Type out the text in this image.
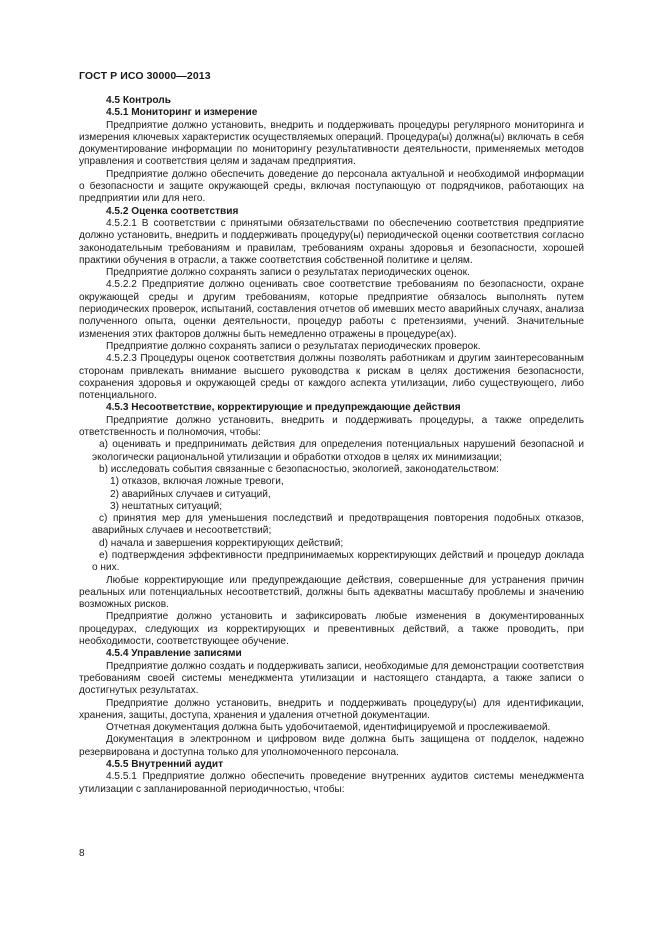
ГОСТ Р ИСО 30000—2013

4.5 Контроль

4.5.1 Мониторинг и измерение

Предприятие должно установить, внедрить и поддерживать процедуры регулярного мониторинга и измерения ключевых характеристик осуществляемых операций. Процедура(ы) должна(ы) включать в себя документирование информации по мониторингу результативности деятельности, применяемых методов управления и соответствия целям и задачам предприятия.

Предприятие должно обеспечить доведение до персонала актуальной и необходимой информации о безопасности и защите окружающей среды, включая поступающую от подрядчиков, работающих на предприятии или для него.

4.5.2 Оценка соответствия

4.5.2.1 В соответствии с принятыми обязательствами по обеспечению соответствия предприятие должно установить, внедрить и поддерживать процедуру(ы) периодической оценки соответствия согласно законодательным требованиям и правилам, требованиям охраны здоровья и безопасности, хорошей практики обучения в отрасли, а также соответствия собственной политике и целям.

Предприятие должно сохранять записи о результатах периодических оценок.

4.5.2.2 Предприятие должно оценивать свое соответствие требованиям по безопасности, охране окружающей среды и другим требованиям, которые предприятие обязалось выполнять путем периодических проверок, испытаний, составления отчетов об имевших место аварийных случаях, анализа полученного опыта, оценки деятельности, процедур работы с претензиями, учений. Значительные изменения этих факторов должны быть немедленно отражены в процедуре(ах).

Предприятие должно сохранять записи о результатах периодических проверок.

4.5.2.3 Процедуры оценок соответствия должны позволять работникам и другим заинтересованным сторонам привлекать внимание высшего руководства к рискам в целях достижения безопасности, сохранения здоровья и окружающей среды от каждого аспекта утилизации, либо существующего, либо потенциального.

4.5.3 Несоответствие, корректирующие и предупреждающие действия

Предприятие должно установить, внедрить и поддерживать процедуры, а также определить ответственность и полномочия, чтобы:

a) оценивать и предпринимать действия для определения потенциальных нарушений безопасной и экологически рациональной утилизации и обработки отходов в целях их минимизации;

b) исследовать события связанные с безопасностью, экологией, законодательством:

1) отказов, включая ложные тревоги,

2) аварийных случаев и ситуаций,

3) нештатных ситуаций;

c) принятия мер для уменьшения последствий и предотвращения повторения подобных отказов, аварийных случаев и несоответствий;

d) начала и завершения корректирующих действий;

e) подтверждения эффективности предпринимаемых корректирующих действий и процедур доклада о них.

Любые корректирующие или предупреждающие действия, совершенные для устранения причин реальных или потенциальных несоответствий, должны быть адекватны масштабу проблемы и значению возможных рисков.

Предприятие должно установить и зафиксировать любые изменения в документированных процедурах, следующих из корректирующих и превентивных действий, а также проводить, при необходимости, соответствующее обучение.

4.5.4 Управление записями

Предприятие должно создать и поддерживать записи, необходимые для демонстрации соответствия требованиям своей системы менеджмента утилизации и настоящего стандарта, а также записи о достигнутых результатах.

Предприятие должно установить, внедрить и поддерживать процедуру(ы) для идентификации, хранения, защиты, доступа, хранения и удаления отчетной документации.

Отчетная документация должна быть удобочитаемой, идентифицируемой и прослеживаемой.

Документация в электронном и цифровом виде должна быть защищена от подделок, надежно резервирована и доступна только для уполномоченного персонала.

4.5.5 Внутренний аудит

4.5.5.1 Предприятие должно обеспечить проведение внутренних аудитов системы менеджмента утилизации с запланированной периодичностью, чтобы:

8
